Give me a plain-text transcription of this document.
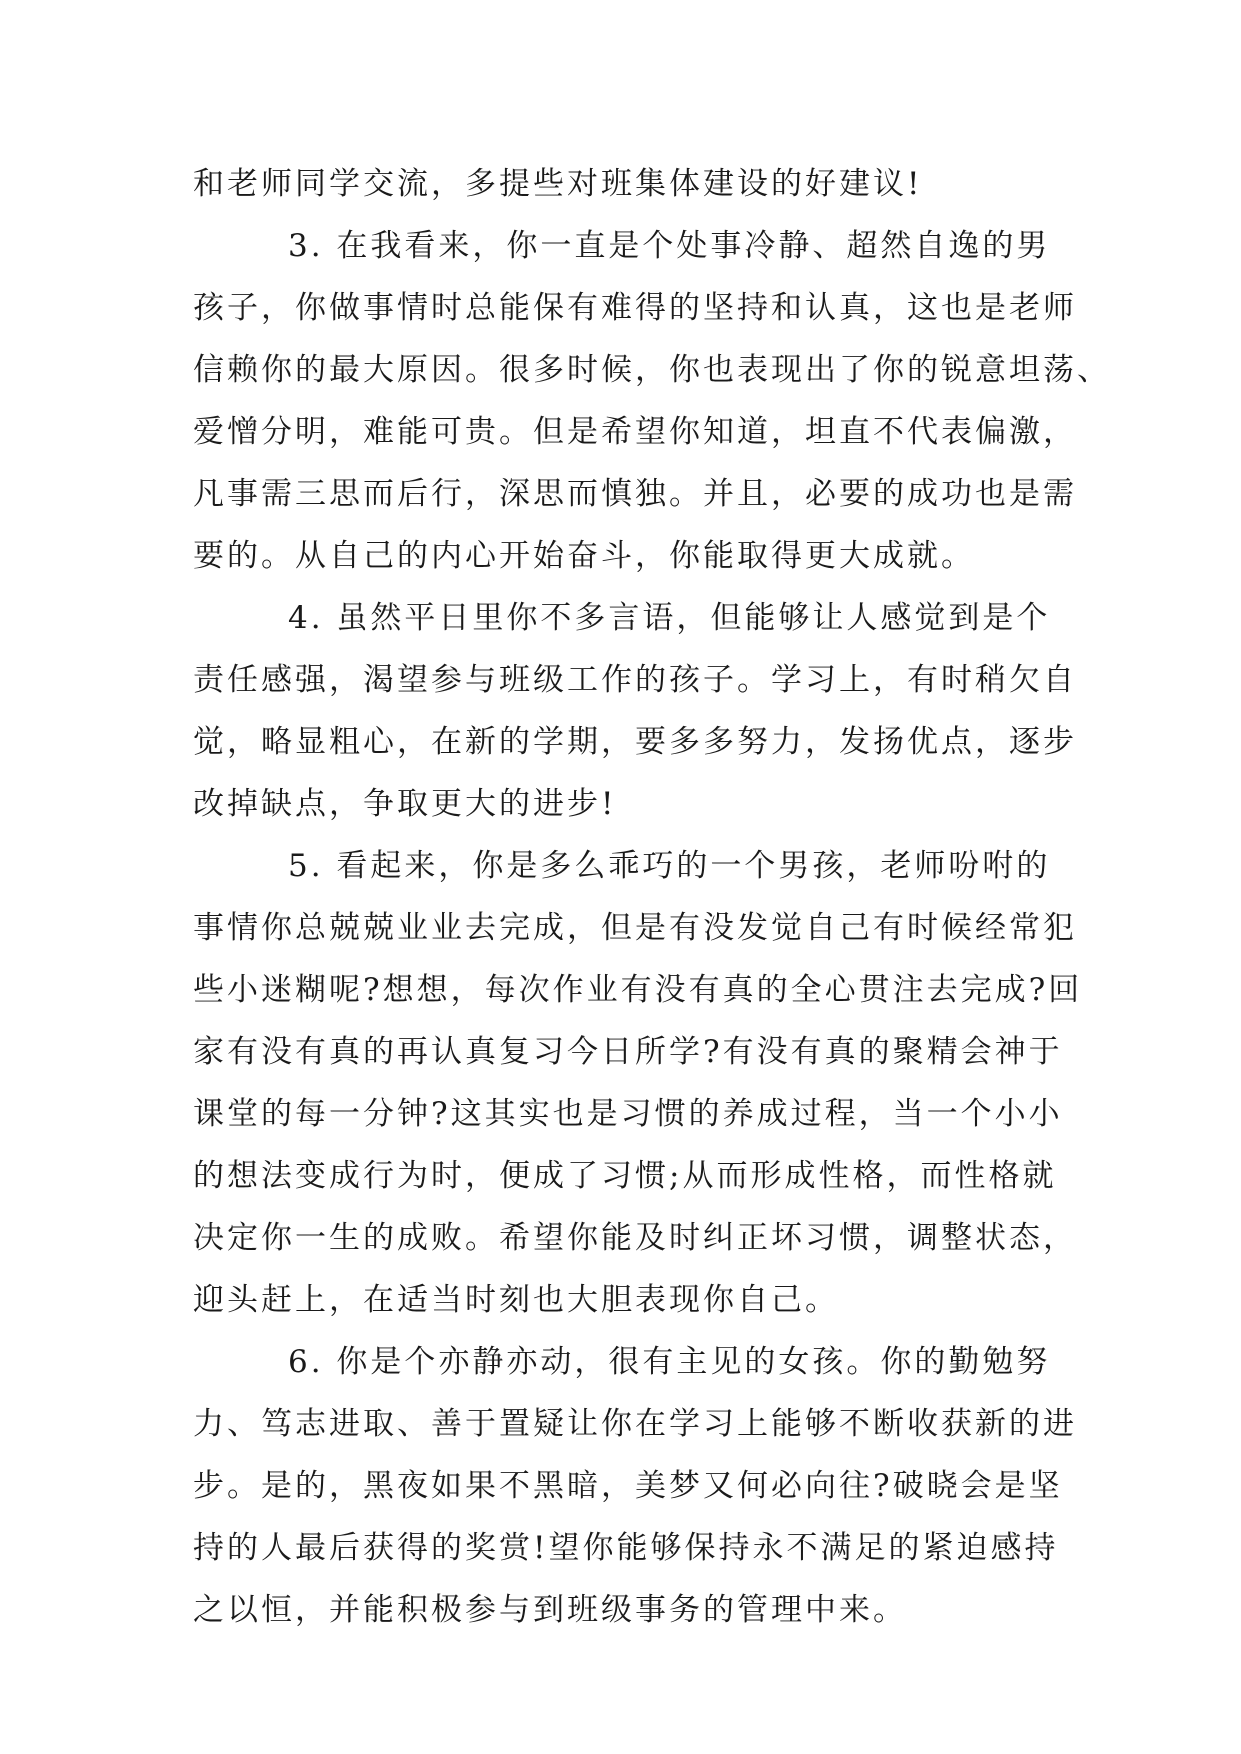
和老师同学交流，多提些对班集体建设的好建议!
3. 在我看来，你一直是个处事冷静、超然自逸的男
孩子，你做事情时总能保有难得的坚持和认真，这也是老师
信赖你的最大原因。很多时候，你也表现出了你的锐意坦荡、
爱憎分明，难能可贵。但是希望你知道，坦直不代表偏激，
凡事需三思而后行，深思而慎独。并且，必要的成功也是需
要的。从自己的内心开始奋斗，你能取得更大成就。
4. 虽然平日里你不多言语，但能够让人感觉到是个
责任感强，渴望参与班级工作的孩子。学习上，有时稍欠自
觉，略显粗心，在新的学期，要多多努力，发扬优点，逐步
改掉缺点，争取更大的进步!
5. 看起来，你是多么乖巧的一个男孩，老师吩咐的
事情你总兢兢业业去完成，但是有没发觉自己有时候经常犯
些小迷糊呢?想想，每次作业有没有真的全心贯注去完成?回
家有没有真的再认真复习今日所学?有没有真的聚精会神于
课堂的每一分钟?这其实也是习惯的养成过程，当一个小小
的想法变成行为时，便成了习惯;从而形成性格，而性格就
决定你一生的成败。希望你能及时纠正坏习惯，调整状态，
迎头赶上，在适当时刻也大胆表现你自己。
6. 你是个亦静亦动，很有主见的女孩。你的勤勉努
力、笃志进取、善于置疑让你在学习上能够不断收获新的进
步。是的，黑夜如果不黑暗，美梦又何必向往?破晓会是坚
持的人最后获得的奖赏!望你能够保持永不满足的紧迫感持
之以恒，并能积极参与到班级事务的管理中来。
